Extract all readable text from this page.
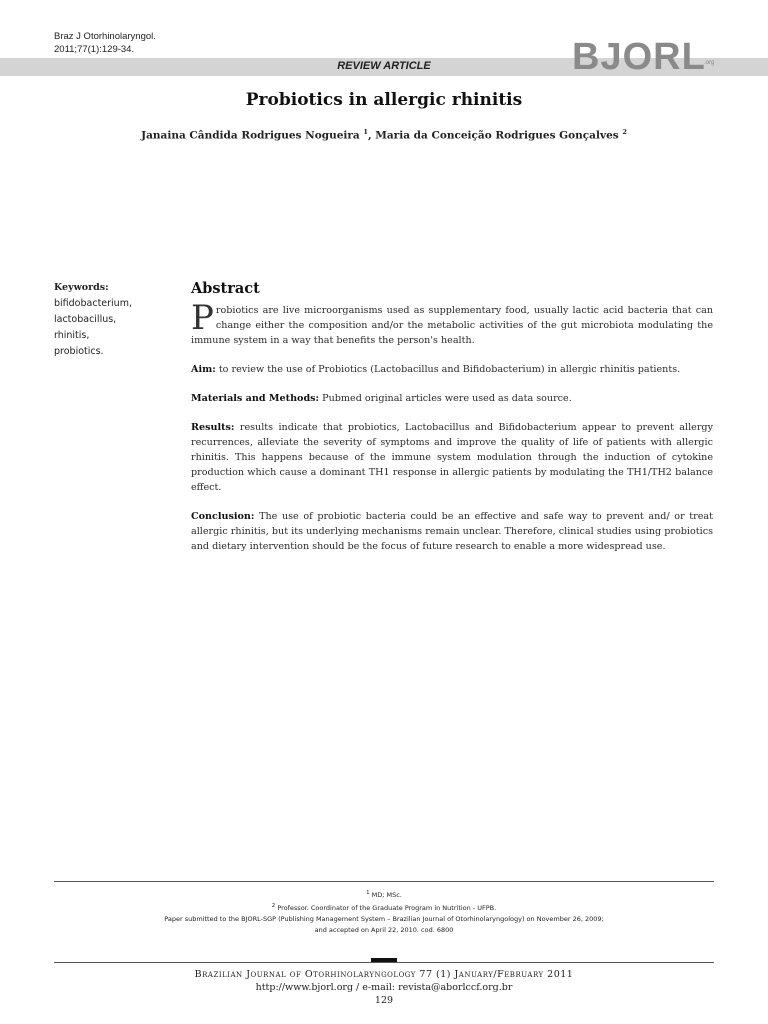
Braz J Otorhinolaryngol.
2011;77(1):129-34.
REVIEW ARTICLE	BJORL
.org
Probiotics in allergic rhinitis
Janaina Cândida Rodrigues Nogueira $^1$, Maria da Conceição Rodrigues Gonçalves $^2$
Keywords:
bifidobacterium,
lactobacillus,
rhinitis,
probiotics.
Abstract

Probiotics are live microorganisms used as supplementary food, usually lactic acid bacteria that can change either the composition and/or the metabolic activities of the gut microbiota modulating the immune system in a way that benefits the person's health.

Aim: to review the use of Probiotics (Lactobacillus and Bifidobacterium) in allergic rhinitis patients.

Materials and Methods: Pubmed original articles were used as data source.

Results: results indicate that probiotics, Lactobacillus and Bifidobacterium appear to prevent allergy recurrences, alleviate the severity of symptoms and improve the quality of life of patients with allergic rhinitis. This happens because of the immune system modulation through the induction of cytokine production which cause a dominant TH1 response in allergic patients by modulating the TH1/TH2 balance effect.

Conclusion: The use of probiotic bacteria could be an effective and safe way to prevent and/ or treat allergic rhinitis, but its underlying mechanisms remain unclear. Therefore, clinical studies using probiotics and dietary intervention should be the focus of future research to enable a more widespread use.

$^1$ MD; MSc.
$^2$ Professor. Coordinator of the Graduate Program in Nutrition - UFPB.
Paper submitted to the BJORL-SGP (Publishing Management System – Brazilian Journal of Otorhinolaryngology) on November 26, 2009;
and accepted on April 22, 2010. cod. 6800
Brazilian Journal of Otorhinolaryngology 77 (1) January/February 2011
http://www.bjorl.org / e-mail: revista@aborlccf.org.br
129
